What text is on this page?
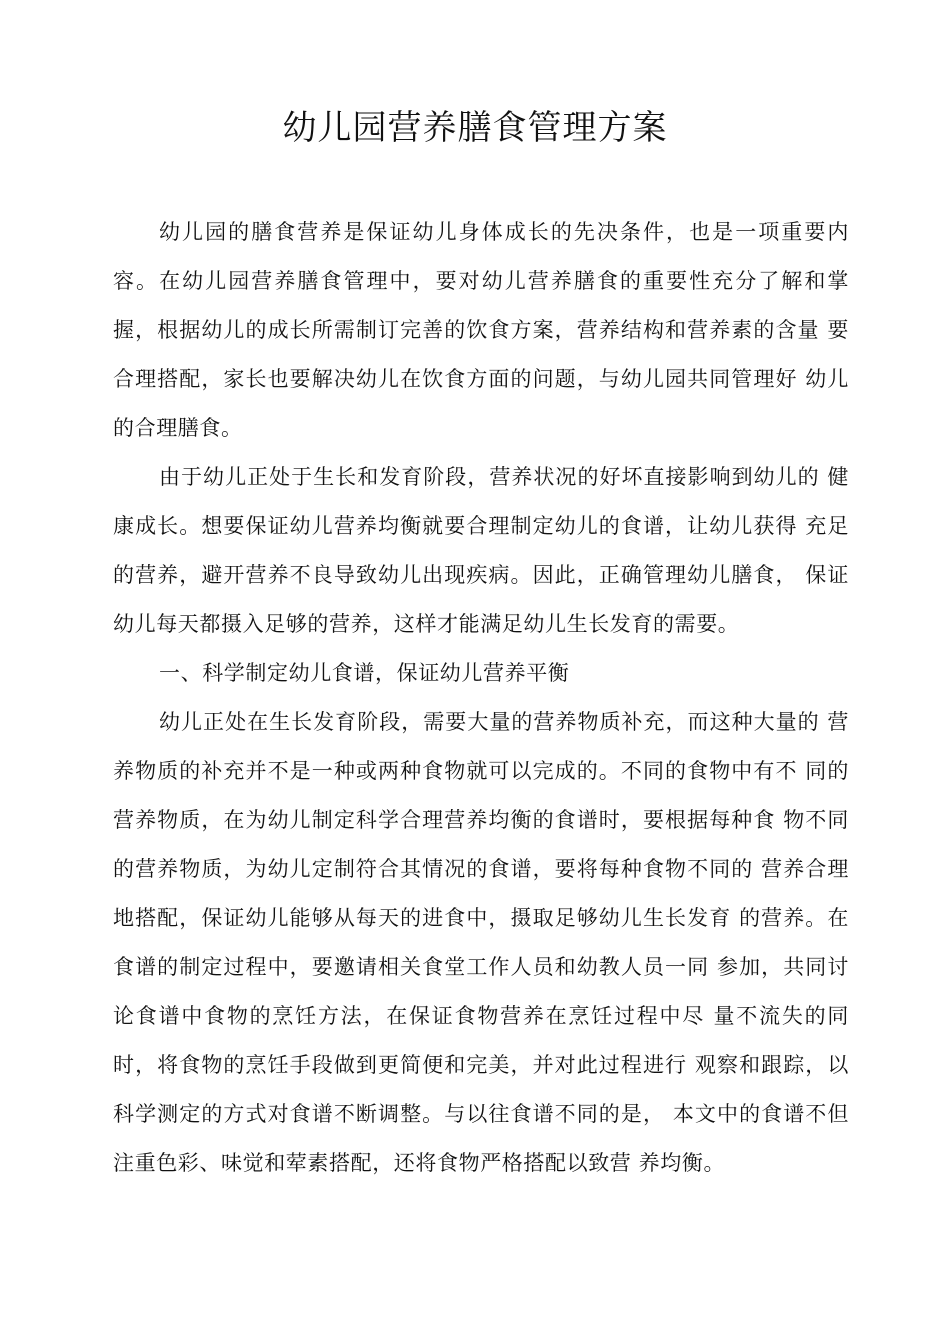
幼儿园营养膳食管理方案

幼儿园的膳食营养是保证幼儿身体成长的先决条件，也是一项重要内容。在幼儿园营养膳食管理中，要对幼儿营养膳食的重要性充分了解和掌 握，根据幼儿的成长所需制订完善的饮食方案，营养结构和营养素的含量 要合理搭配，家长也要解决幼儿在饮食方面的问题，与幼儿园共同管理好 幼儿的合理膳食。

由于幼儿正处于生长和发育阶段，营养状况的好坏直接影响到幼儿的 健康成长。想要保证幼儿营养均衡就要合理制定幼儿的食谱，让幼儿获得 充足的营养，避开营养不良导致幼儿出现疾病。因此，正确管理幼儿膳食， 保证幼儿每天都摄入足够的营养，这样才能满足幼儿生长发育的需要。

一、科学制定幼儿食谱，保证幼儿营养平衡

幼儿正处在生长发育阶段，需要大量的营养物质补充，而这种大量的 营养物质的补充并不是一种或两种食物就可以完成的。不同的食物中有不 同的营养物质，在为幼儿制定科学合理营养均衡的食谱时，要根据每种食 物不同的营养物质，为幼儿定制符合其情况的食谱，要将每种食物不同的 营养合理地搭配，保证幼儿能够从每天的进食中，摄取足够幼儿生长发育 的营养。在食谱的制定过程中，要邀请相关食堂工作人员和幼教人员一同 参加，共同讨论食谱中食物的烹饪方法，在保证食物营养在烹饪过程中尽 量不流失的同时，将食物的烹饪手段做到更简便和完美，并对此过程进行 观察和跟踪，以科学测定的方式对食谱不断调整。与以往食谱不同的是， 本文中的食谱不但注重色彩、味觉和荤素搭配，还将食物严格搭配以致营 养均衡。
